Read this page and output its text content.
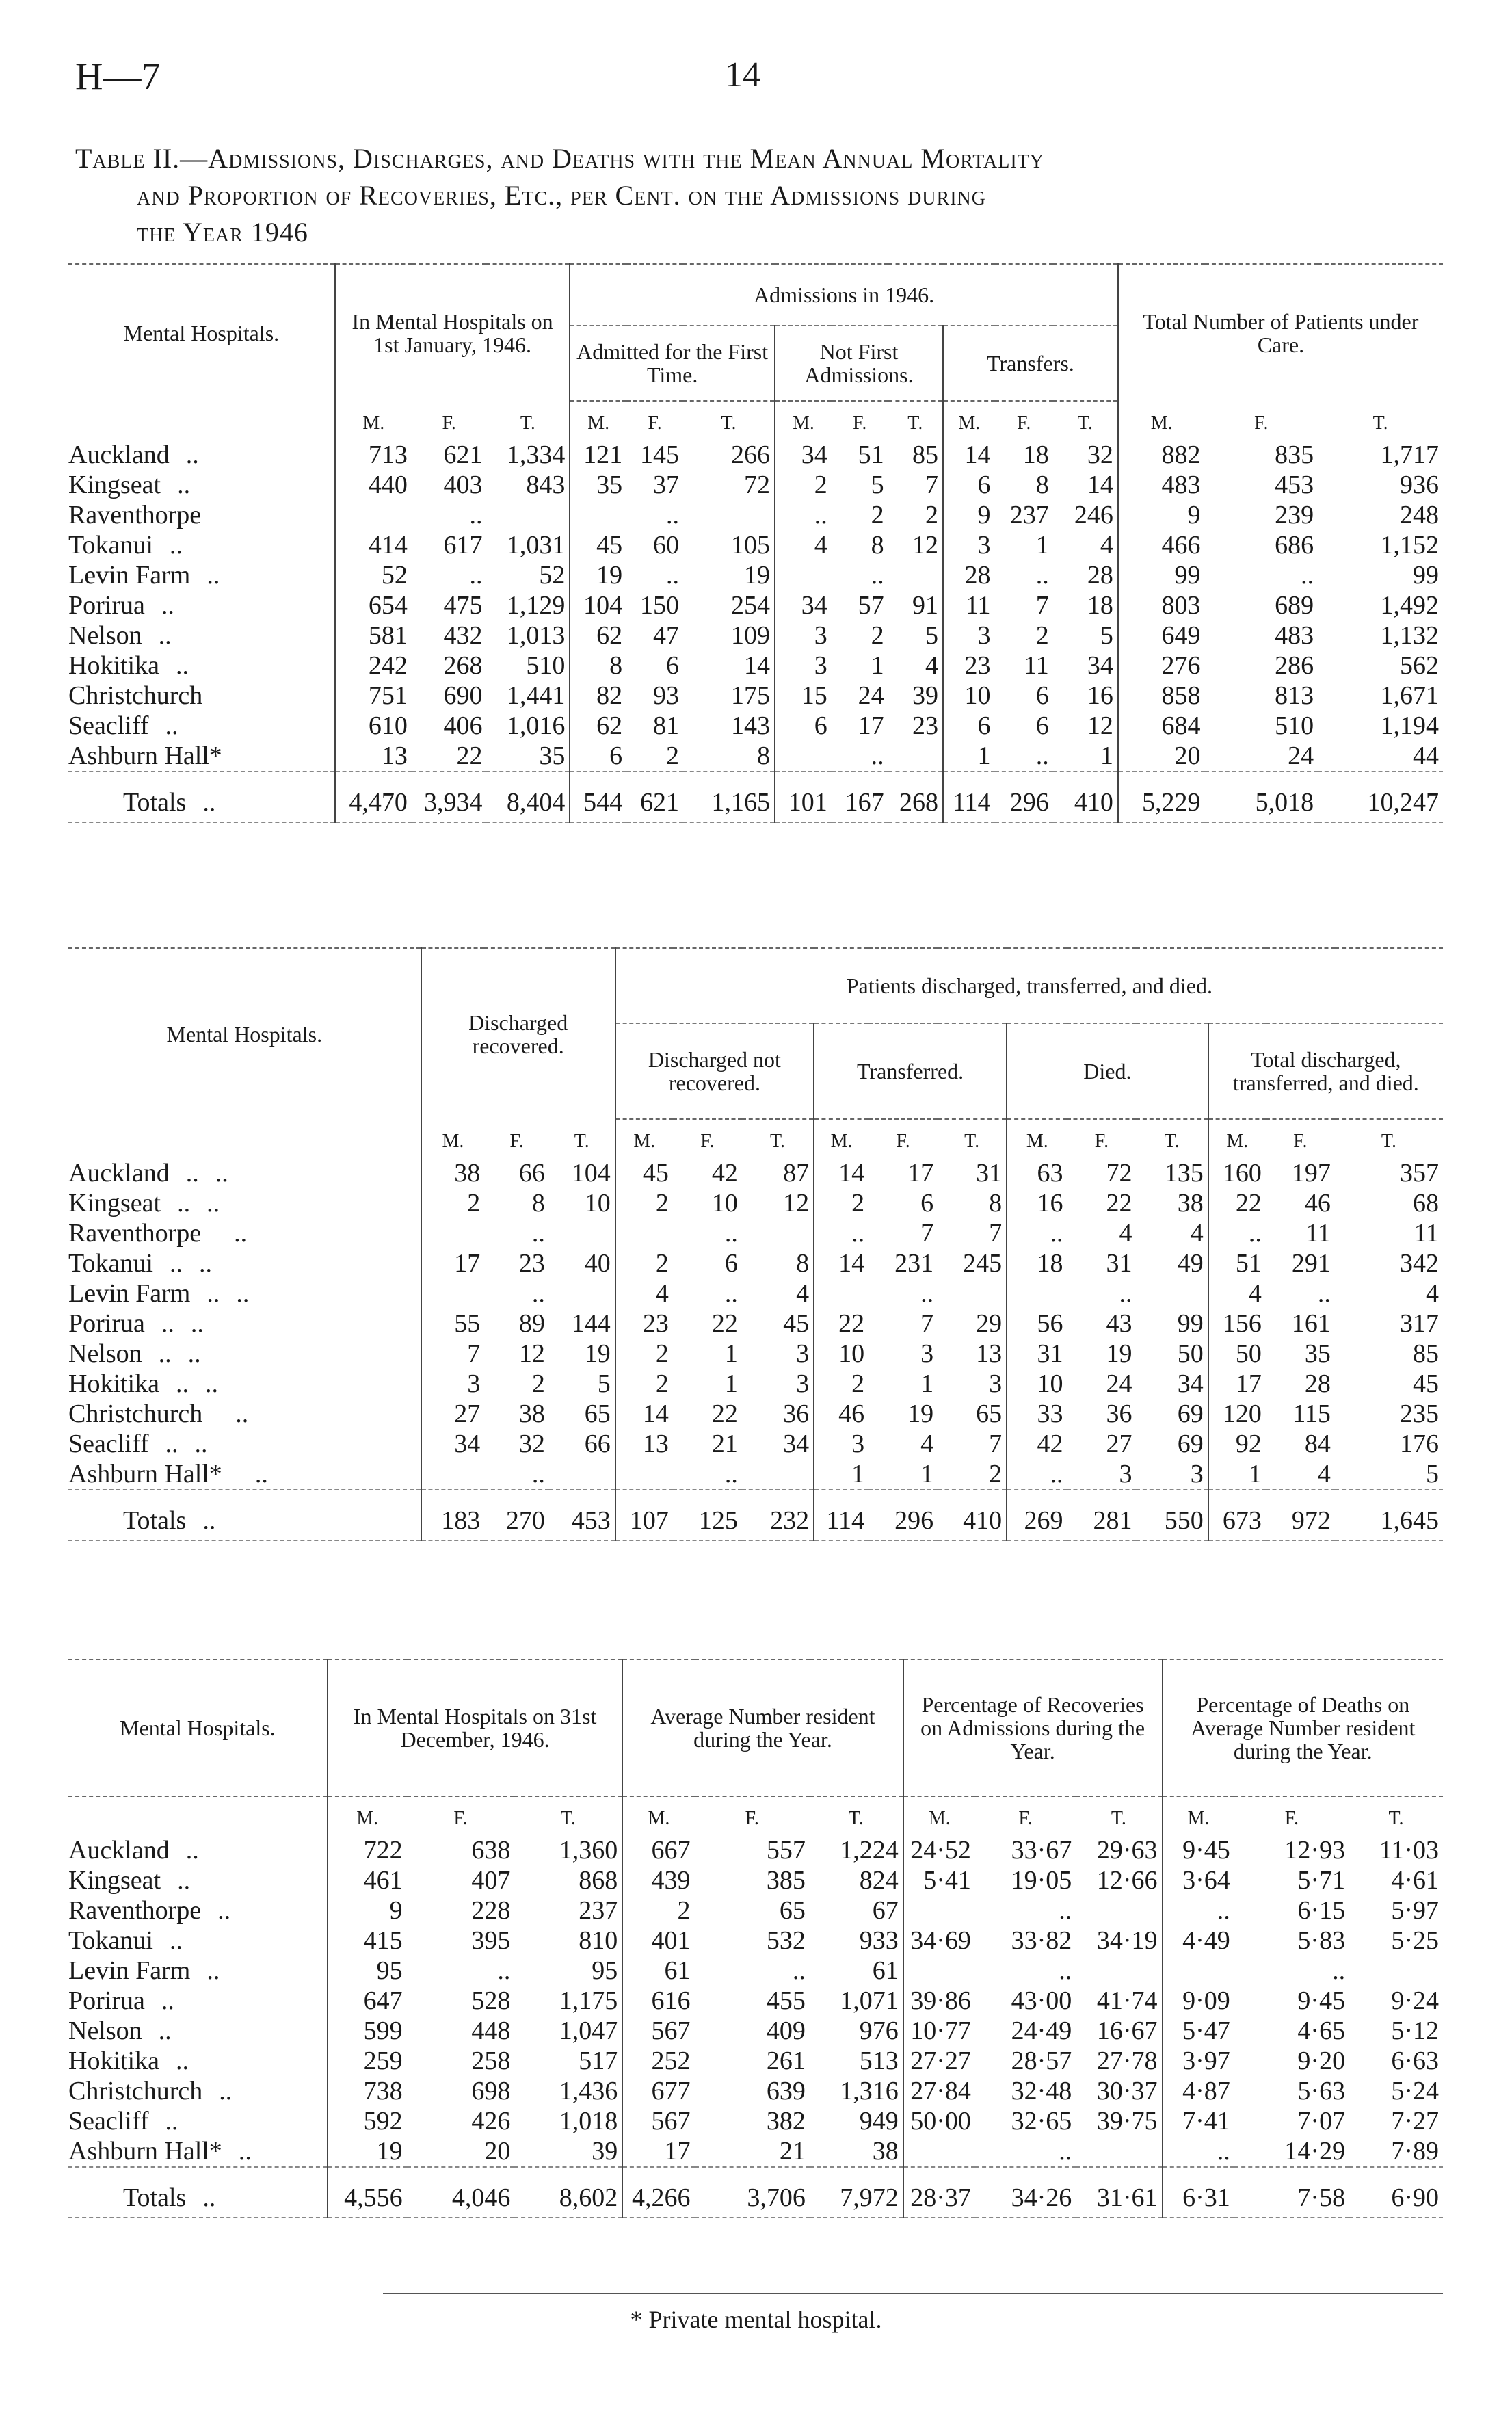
H—7	14
Table II.—Admissions, Discharges, and Deaths with the Mean Annual Mortality
and Proportion of Recoveries, Etc., per Cent. on the Admissions during
the Year 1946
Mental Hospitals.	In Mental Hospitals on 1st January, 1946.			Admissions in 1946.									Total Number of Patients under Care.		
				Admitted for the First Time.			Not First Admissions.			Transfers.					
	M.	F.	T.	M.	F.	T.	M.	F.	T.	M.	F.	T.	M.	F.	T.
Auckland ..	713	621	1,334	121	145	266	34	51	85	14	18	32	882	835	1,717
Kingseat ..	440	403	843	35	37	72	2	5	7	6	8	14	483	453	936
Raventhorpe		..			..		..	2	2	9	237	246	9	239	248
Tokanui ..	414	617	1,031	45	60	105	4	8	12	3	1	4	466	686	1,152
Levin Farm ..	52	..	52	19	..	19		..		28	..	28	99	..	99
Porirua ..	654	475	1,129	104	150	254	34	57	91	11	7	18	803	689	1,492
Nelson ..	581	432	1,013	62	47	109	3	2	5	3	2	5	649	483	1,132
Hokitika ..	242	268	510	8	6	14	3	1	4	23	11	34	276	286	562
Christchurch	751	690	1,441	82	93	175	15	24	39	10	6	16	858	813	1,671
Seacliff ..	610	406	1,016	62	81	143	6	17	23	6	6	12	684	510	1,194
Ashburn Hall*	13	22	35	6	2	8		..		1	..	1	20	24	44
Totals ..	4,470	3,934	8,404	544	621	1,165	101	167	268	114	296	410	5,229	5,018	10,247
Mental Hospitals.	Discharged recovered.			Patients discharged, transferred, and died.											
				Discharged not recovered.			Transferred.			Died.			Total discharged, transferred, and died.		
	M.	F.	T.	M.	F.	T.	M.	F.	T.	M.	F.	T.	M.	F.	T.
Auckland .. ..	38	66	104	45	42	87	14	17	31	63	72	135	160	197	357
Kingseat .. ..	2	8	10	2	10	12	2	6	8	16	22	38	22	46	68
Raventhorpe ..		..			..		..	7	7	..	4	4	..	11	11
Tokanui .. ..	17	23	40	2	6	8	14	231	245	18	31	49	51	291	342
Levin Farm .. ..		..		4	..	4		..			..		4	..	4
Porirua .. ..	55	89	144	23	22	45	22	7	29	56	43	99	156	161	317
Nelson .. ..	7	12	19	2	1	3	10	3	13	31	19	50	50	35	85
Hokitika .. ..	3	2	5	2	1	3	2	1	3	10	24	34	17	28	45
Christchurch ..	27	38	65	14	22	36	46	19	65	33	36	69	120	115	235
Seacliff .. ..	34	32	66	13	21	34	3	4	7	42	27	69	92	84	176
Ashburn Hall* ..		..			..		1	1	2	..	3	3	1	4	5
Totals ..	183	270	453	107	125	232	114	296	410	269	281	550	673	972	1,645
Mental Hospitals.	In Mental Hospitals on 31st December, 1946.			Average Number resident during the Year.			Percentage of Recoveries on Admissions during the Year.			Percentage of Deaths on Average Number resident during the Year.		
	M.	F.	T.	M.	F.	T.	M.	F.	T.	M.	F.	T.
Auckland ..	722	638	1,360	667	557	1,224	24·52	33·67	29·63	9·45	12·93	11·03
Kingseat ..	461	407	868	439	385	824	5·41	19·05	12·66	3·64	5·71	4·61
Raventhorpe ..	9	228	237	2	65	67		..		..	6·15	5·97
Tokanui ..	415	395	810	401	532	933	34·69	33·82	34·19	4·49	5·83	5·25
Levin Farm ..	95	..	95	61	..	61		..			..	
Porirua ..	647	528	1,175	616	455	1,071	39·86	43·00	41·74	9·09	9·45	9·24
Nelson ..	599	448	1,047	567	409	976	10·77	24·49	16·67	5·47	4·65	5·12
Hokitika ..	259	258	517	252	261	513	27·27	28·57	27·78	3·97	9·20	6·63
Christchurch ..	738	698	1,436	677	639	1,316	27·84	32·48	30·37	4·87	5·63	5·24
Seacliff ..	592	426	1,018	567	382	949	50·00	32·65	39·75	7·41	7·07	7·27
Ashburn Hall* ..	19	20	39	17	21	38		..		..	14·29	7·89
Totals ..	4,556	4,046	8,602	4,266	3,706	7,972	28·37	34·26	31·61	6·31	7·58	6·90
* Private mental hospital.
